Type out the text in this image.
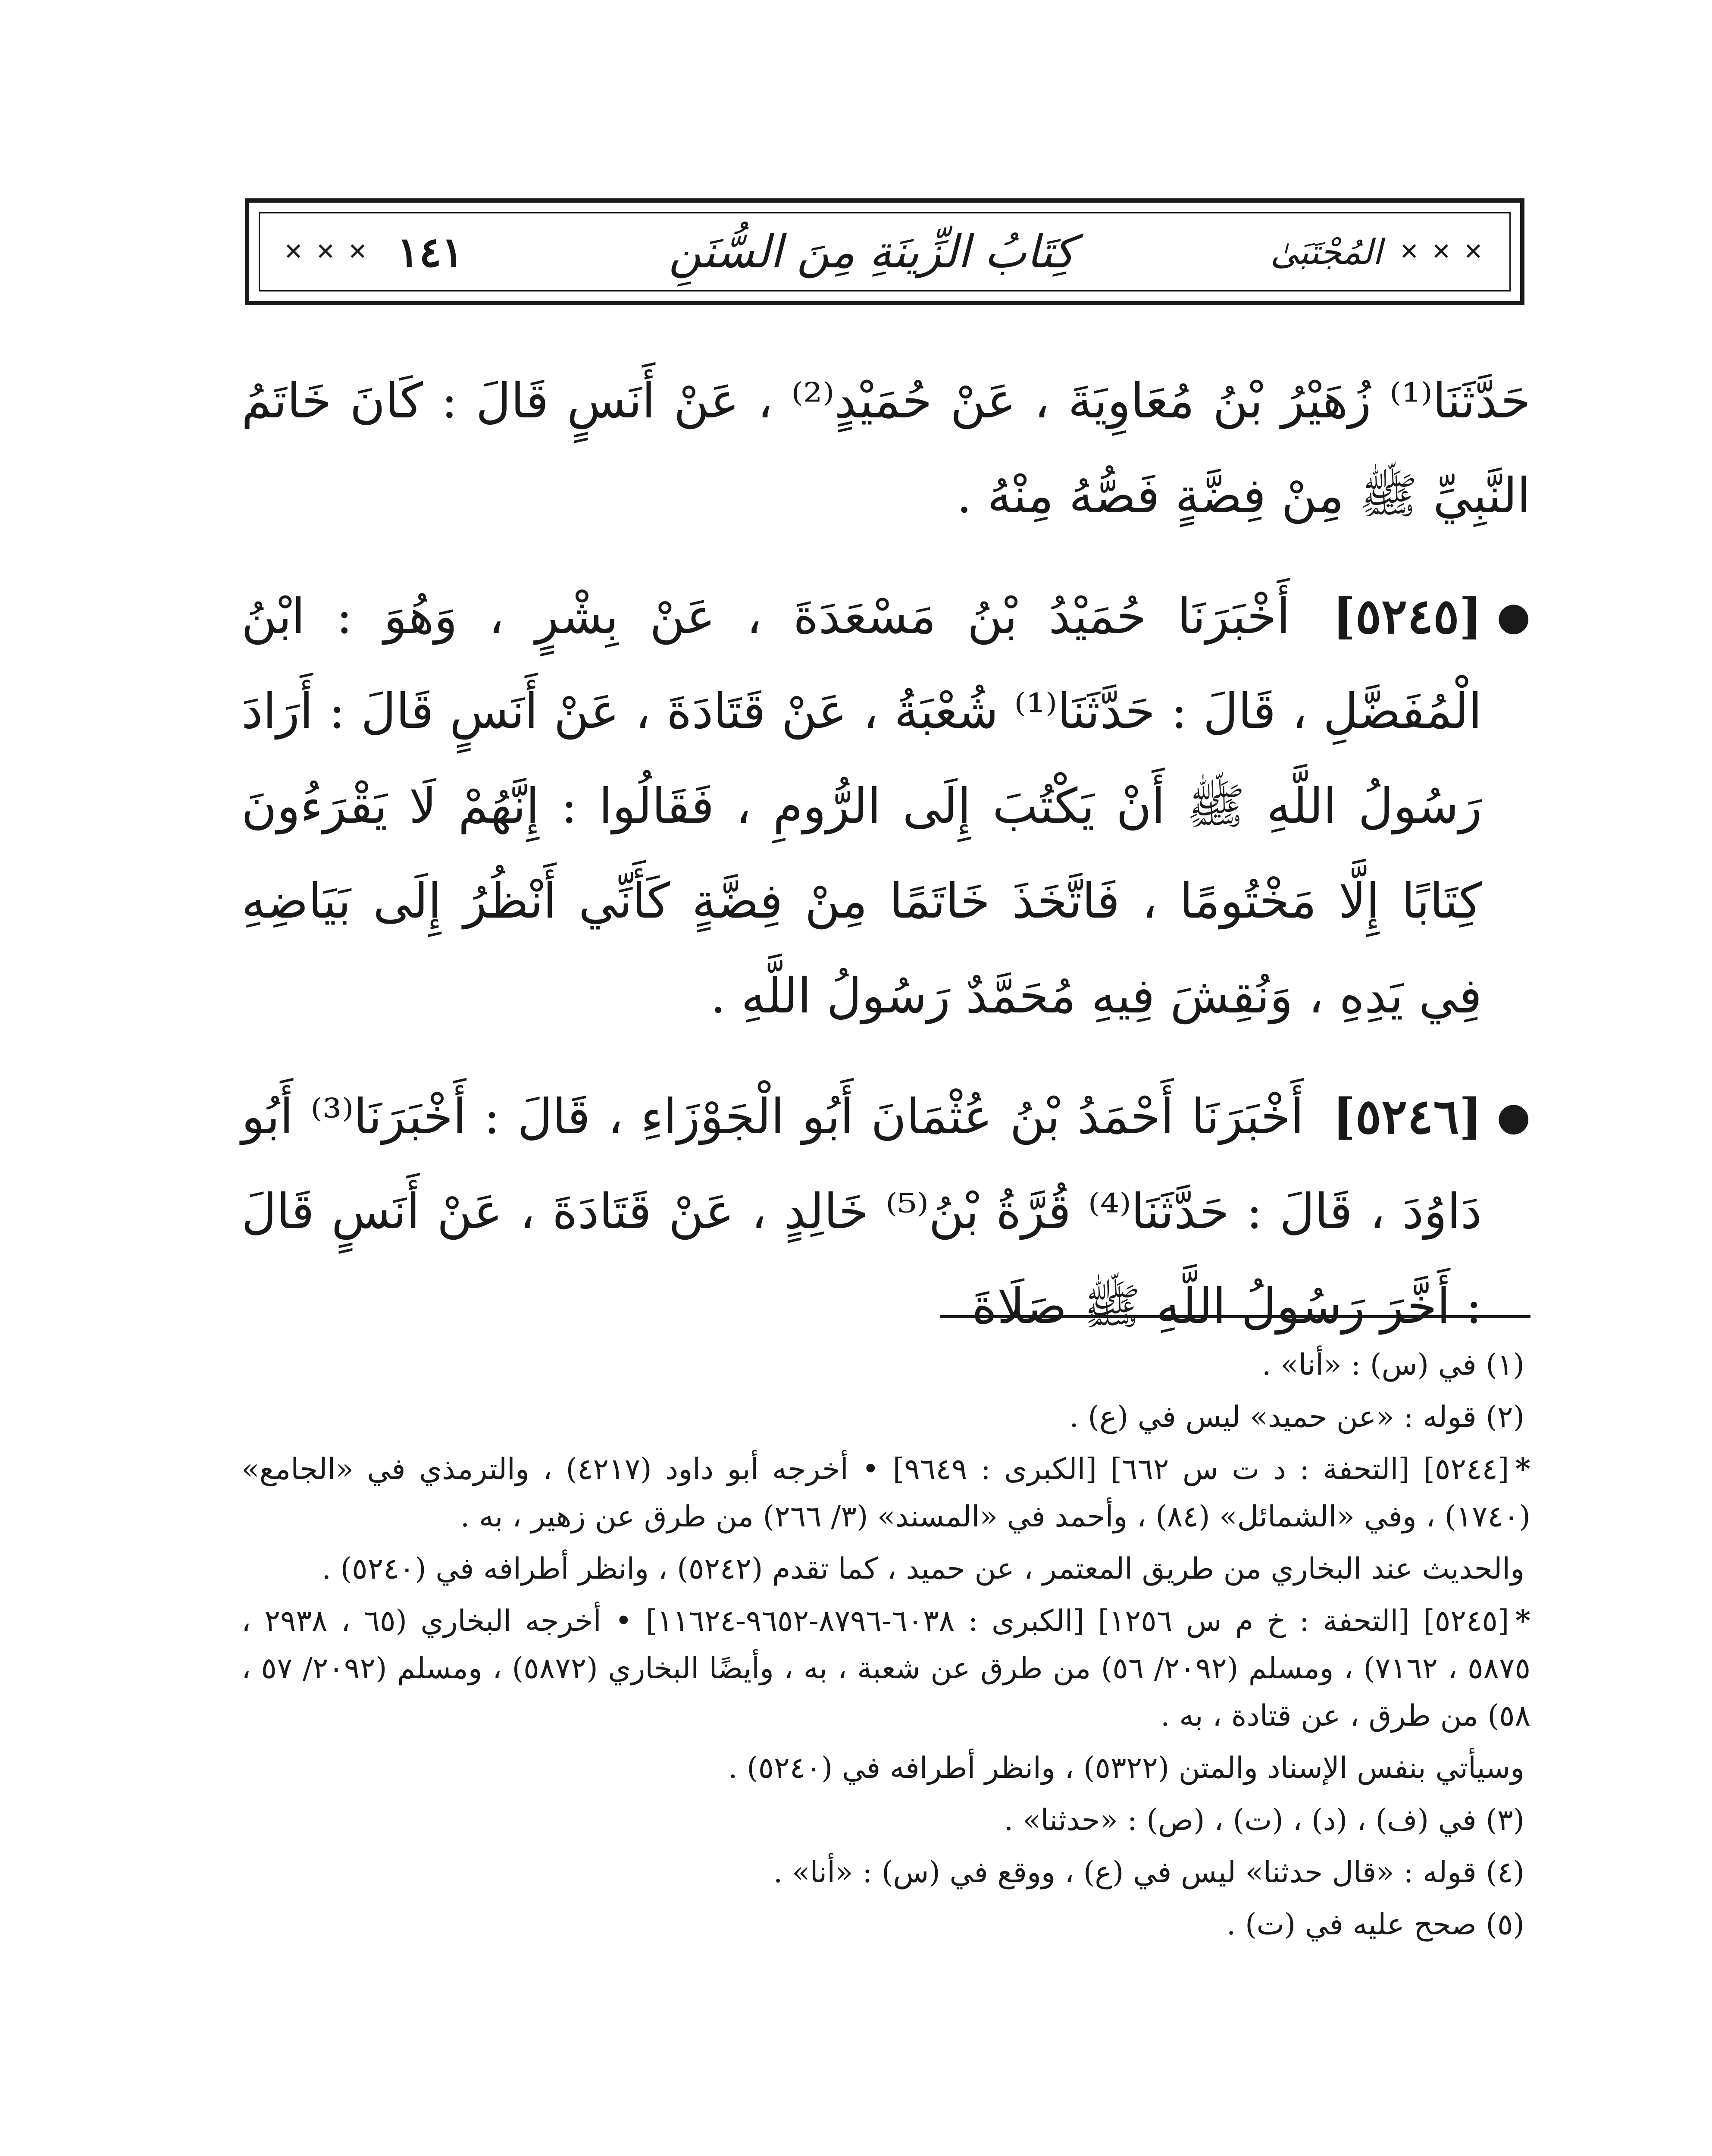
✕ ✕ ✕ ١٤١	كِتَابُ الزِّينَةِ مِنَ السُّنَنِ	المُجْتَبَىٰ ✕ ✕ ✕
حَدَّثَنَا⁽¹⁾ زُهَيْرُ بْنُ مُعَاوِيَةَ ، عَنْ حُمَيْدٍ⁽²⁾ ، عَنْ أَنَسٍ قَالَ : كَانَ خَاتَمُ النَّبِيِّ ﷺ مِنْ فِضَّةٍ فَصُّهُ مِنْهُ .
●
[٥٢٤٥] أَخْبَرَنَا حُمَيْدُ بْنُ مَسْعَدَةَ ، عَنْ بِشْرٍ ، وَهُوَ : ابْنُ الْمُفَضَّلِ ، قَالَ : حَدَّثَنَا⁽¹⁾ شُعْبَةُ ، عَنْ قَتَادَةَ ، عَنْ أَنَسٍ قَالَ : أَرَادَ رَسُولُ اللَّهِ ﷺ أَنْ يَكْتُبَ إِلَى الرُّومِ ، فَقَالُوا : إِنَّهُمْ لَا يَقْرَءُونَ كِتَابًا إِلَّا مَخْتُومًا ، فَاتَّخَذَ خَاتَمًا مِنْ فِضَّةٍ كَأَنِّي أَنْظُرُ إِلَى بَيَاضِهِ فِي يَدِهِ ، وَنُقِشَ فِيهِ مُحَمَّدٌ رَسُولُ اللَّهِ .
●
[٥٢٤٦] أَخْبَرَنَا أَحْمَدُ بْنُ عُثْمَانَ أَبُو الْجَوْزَاءِ ، قَالَ : أَخْبَرَنَا⁽³⁾ أَبُو دَاوُدَ ، قَالَ : حَدَّثَنَا⁽⁴⁾ قُرَّةُ بْنُ⁽⁵⁾ خَالِدٍ ، عَنْ قَتَادَةَ ، عَنْ أَنَسٍ قَالَ : أَخَّرَ رَسُولُ اللَّهِ ﷺ صَلَاةَ
(١) في (س) : «أنا» .
(٢) قوله : «عن حميد» ليس في (ع) .
*[٥٢٤٤] [التحفة : د ت س ٦٦٢] [الكبرى : ٩٦٤٩] • أخرجه أبو داود (٤٢١٧) ، والترمذي في «الجامع» (١٧٤٠) ، وفي «الشمائل» (٨٤) ، وأحمد في «المسند» (٣/ ٢٦٦) من طرق عن زهير ، به .
والحديث عند البخاري من طريق المعتمر ، عن حميد ، كما تقدم (٥٢٤٢) ، وانظر أطرافه في (٥٢٤٠) .
*[٥٢٤٥] [التحفة : خ م س ١٢٥٦] [الكبرى : ٦٠٣٨-٨٧٩٦-٩٦٥٢-١١٦٢٤] • أخرجه البخاري (٦٥ ، ٢٩٣٨ ، ٥٨٧٥ ، ٧١٦٢) ، ومسلم (٢٠٩٢/ ٥٦) من طرق عن شعبة ، به ، وأيضًا البخاري (٥٨٧٢) ، ومسلم (٢٠٩٢/ ٥٧ ، ٥٨) من طرق ، عن قتادة ، به .
وسيأتي بنفس الإسناد والمتن (٥٣٢٢) ، وانظر أطرافه في (٥٢٤٠) .
(٣) في (ف) ، (د) ، (ت) ، (ص) : «حدثنا» .
(٤) قوله : «قال حدثنا» ليس في (ع) ، ووقع في (س) : «أنا» .
(٥) صحح عليه في (ت) .
